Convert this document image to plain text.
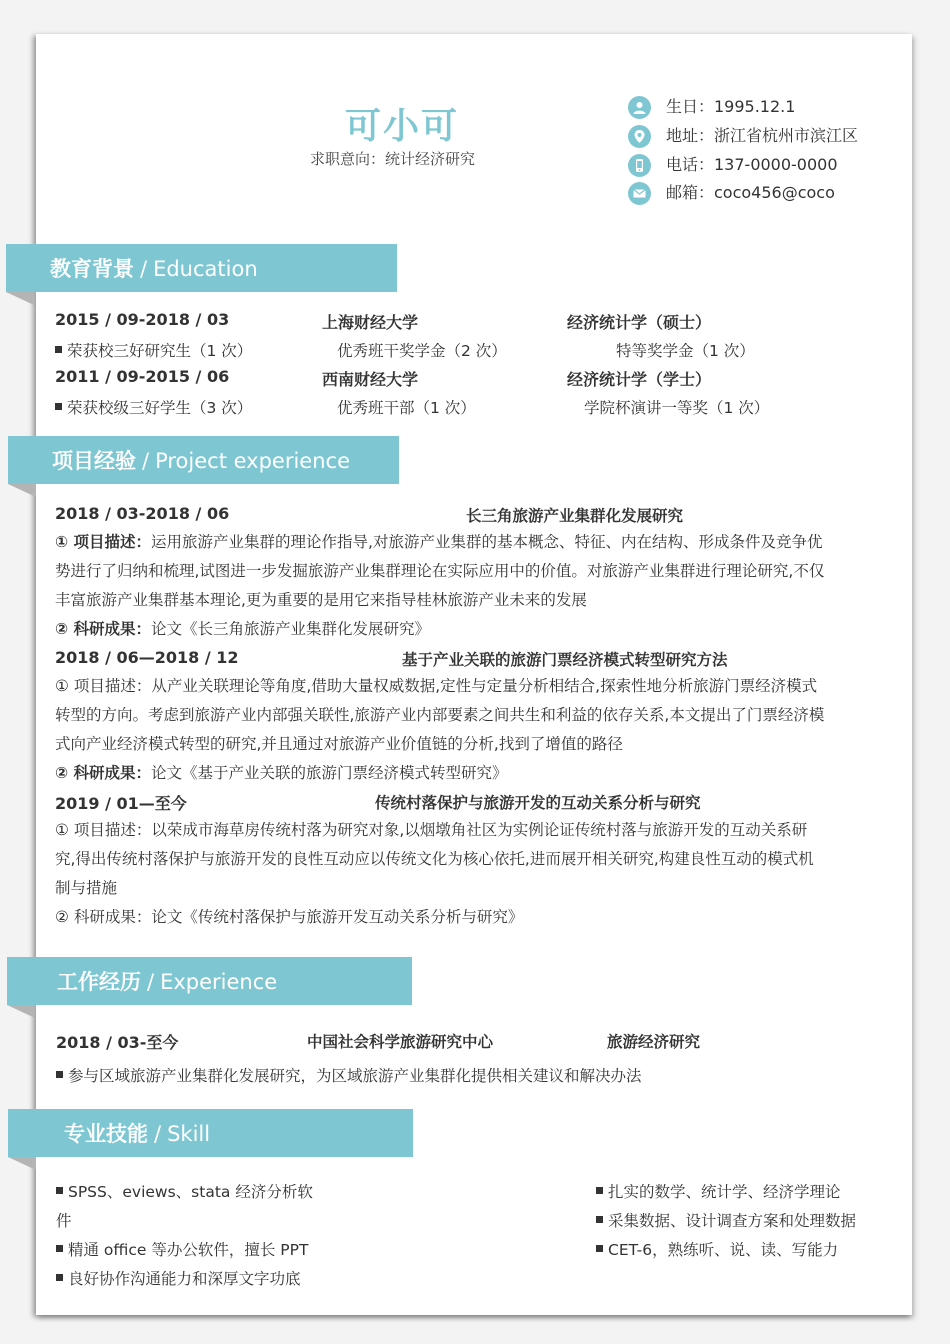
可小可
求职意向：统计经济研究
生日：1995.12.1
地址：浙江省杭州市滨江区
电话：137-0000-0000
邮箱：coco456@coco
教育背景 / Education
2015 / 09-2018 / 03	上海财经大学	经济统计学（硕士）
荣获校三好研究生（1 次）	优秀班干奖学金（2 次）	特等奖学金（1 次）
2011 / 09-2015 / 06	西南财经大学	经济统计学（学士）
荣获校级三好学生（3 次）	优秀班干部（1 次）	学院杯演讲一等奖（1 次）
项目经验 / Project experience
2018 / 03-2018 / 06	长三角旅游产业集群化发展研究
① 项目描述：运用旅游产业集群的理论作指导,对旅游产业集群的基本概念、特征、内在结构、形成条件及竞争优
势进行了归纳和梳理,试图进一步发掘旅游产业集群理论在实际应用中的价值。对旅游产业集群进行理论研究,不仅
丰富旅游产业集群基本理论,更为重要的是用它来指导桂林旅游产业未来的发展
② 科研成果：论文《长三角旅游产业集群化发展研究》
2018 / 06—2018 / 12	基于产业关联的旅游门票经济模式转型研究方法
① 项目描述：从产业关联理论等角度,借助大量权威数据,定性与定量分析相结合,探索性地分析旅游门票经济模式
转型的方向。考虑到旅游产业内部强关联性,旅游产业内部要素之间共生和利益的依存关系,本文提出了门票经济模
式向产业经济模式转型的研究,并且通过对旅游产业价值链的分析,找到了增值的路径
② 科研成果：论文《基于产业关联的旅游门票经济模式转型研究》
2019 / 01—至今	传统村落保护与旅游开发的互动关系分析与研究
① 项目描述：以荣成市海草房传统村落为研究对象,以烟墩角社区为实例论证传统村落与旅游开发的互动关系研
究,得出传统村落保护与旅游开发的良性互动应以传统文化为核心依托,进而展开相关研究,构建良性互动的模式机
制与措施
② 科研成果：论文《传统村落保护与旅游开发互动关系分析与研究》
工作经历 / Experience
2018 / 03-至今	中国社会科学旅游研究中心	旅游经济研究
参与区域旅游产业集群化发展研究，为区域旅游产业集群化提供相关建议和解决办法
专业技能 / Skill
SPSS、eviews、stata 经济分析软
件
精通 office 等办公软件，擅长 PPT
良好协作沟通能力和深厚文字功底
扎实的数学、统计学、经济学理论
采集数据、设计调查方案和处理数据
CET-6，熟练听、说、读、写能力
